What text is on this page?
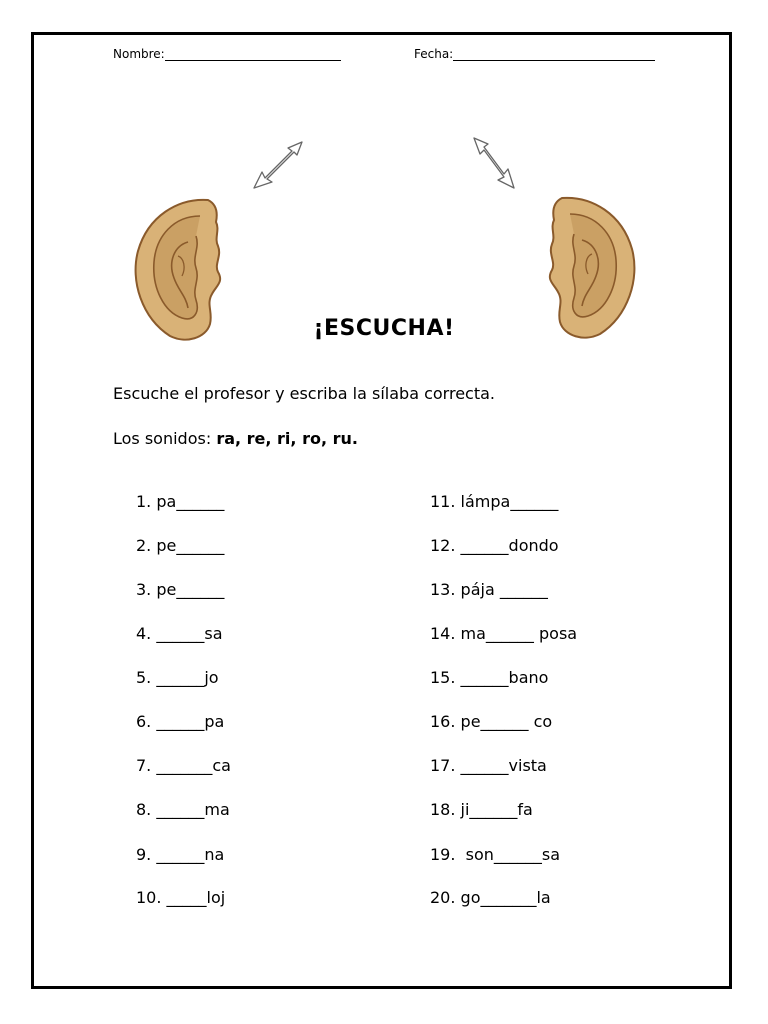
Nombre:	Fecha:
¡ESCUCHA!
Escuche el profesor y escriba la sílaba correcta.
Los sonidos: ra, re, ri, ro, ru.
1. pa______
2. pe______
3. pe______
4. ______sa
5. ______jo
6. ______pa
7. _______ca
8. ______ma
9. ______na
10. _____loj
11. lámpa______
12. ______dondo
13. pája ______
14. ma______ posa
15. ______bano
16. pe______ co
17. ______vista
18. ji______fa
19.  son______sa
20. go_______la
